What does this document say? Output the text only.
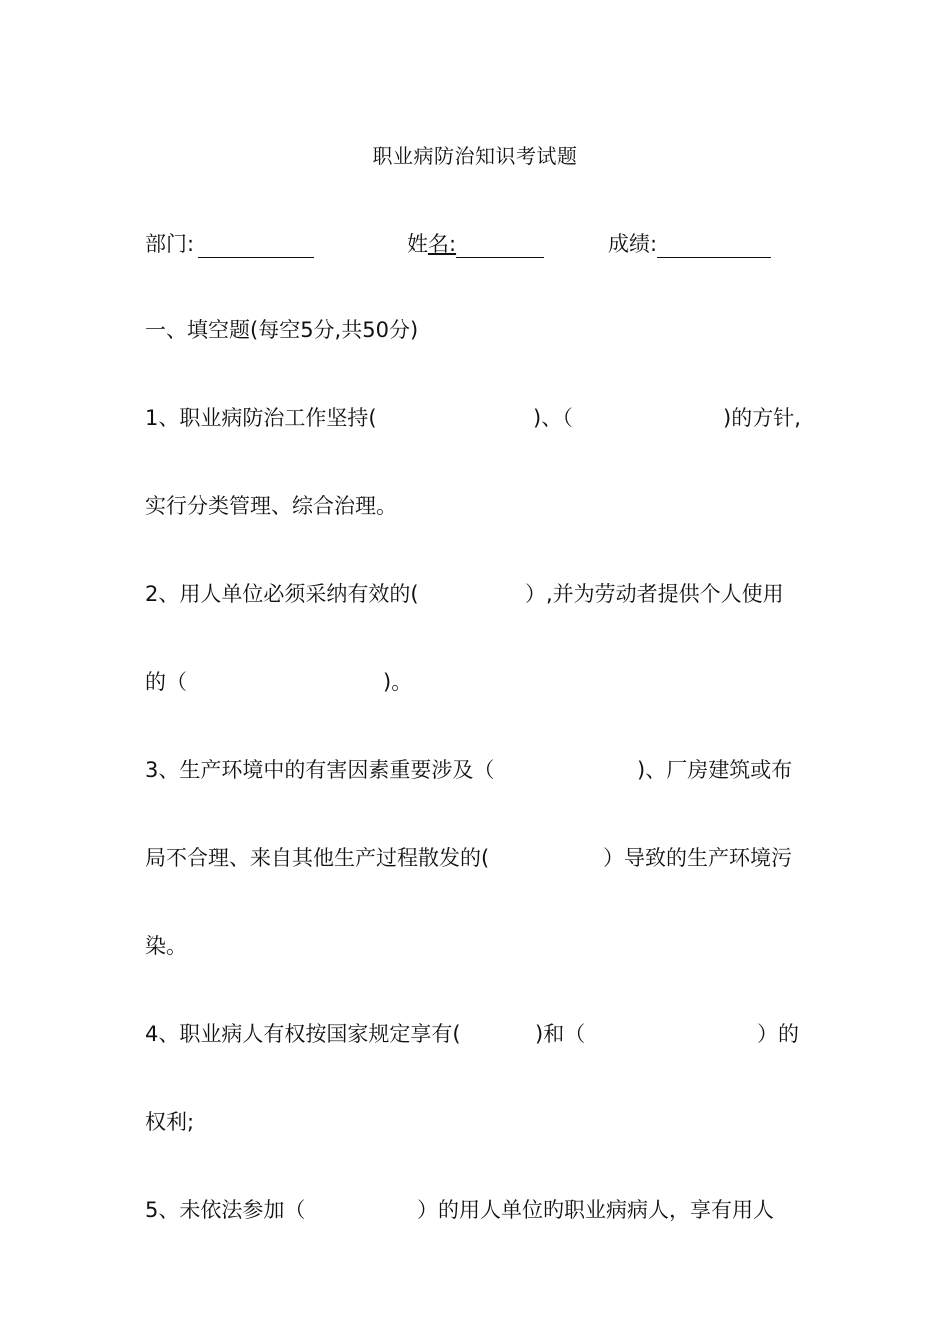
职业病防治知识考试题
部门:	姓名:	成绩:
一、填空题(每空5分,共50分)
1、职业病防治工作坚持(	)、（	)的方针,
实行分类管理、综合治理。
2、用人单位必须采纳有效的(	）,并为劳动者提供个人使用
的（	)。
3、生产环境中的有害因素重要涉及（	)、厂房建筑或布
局不合理、来自其他生产过程散发的(	）导致的生产环境污
染。
4、职业病人有权按国家规定享有(	)和（	）的
权利;
5、未依法参加（	）的用人单位旳职业病病人，享有用人
